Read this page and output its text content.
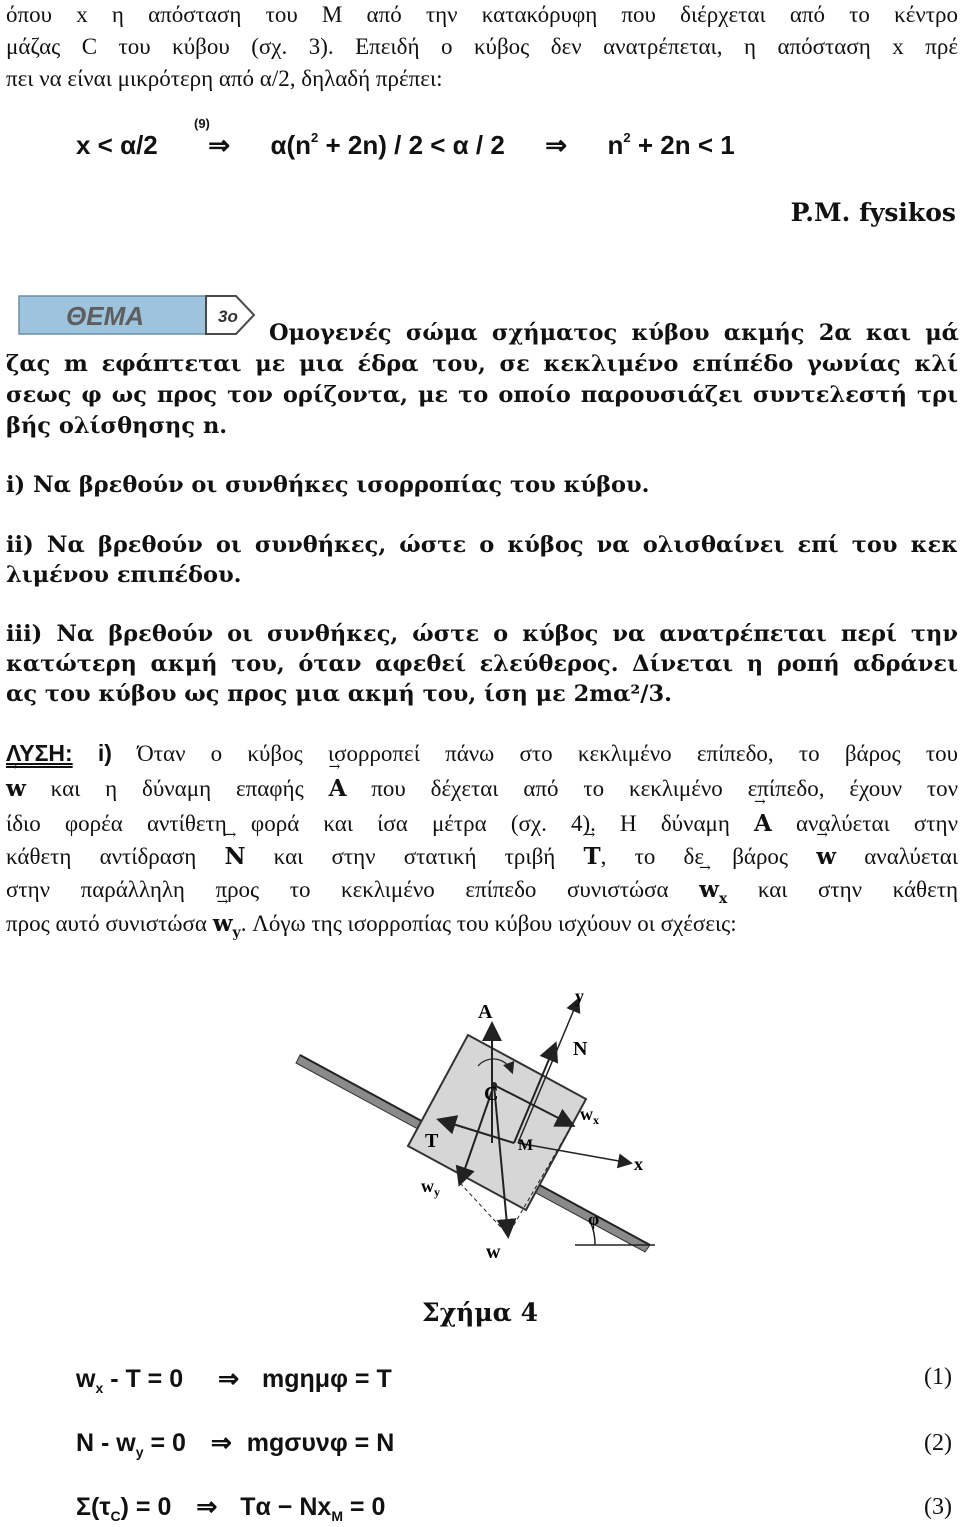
όπου x η απόσταση του Μ από την κατακόρυφη που διέρχεται από το κέντρο
μάζας C του κύβου (σχ. 3). Επειδή ο κύβος δεν ανατρέπεται, η απόσταση x πρέ
πει να είναι μικρότερη από α/2, δηλαδή πρέπει:
(9)
x < α/2 ⇒ $\alpha(n^2 + 2n) / 2 < \alpha / 2$ ⇒ $n^2 + 2n < 1$
P.M. fysikos
ΘΕΜΑ	3ο
Ομογενές σώμα σχήματος κύβου ακμής 2α και μά
ζας m εφάπτεται με μια έδρα του, σε κεκλιμένο επίπέδο γωνίας κλί
σεως φ ως προς τον ορίζοντα, με το οποίο παρουσιάζει συντελεστή τρι
βής ολίσθησης n.
i) Να βρεθούν οι συνθήκες ισορροπίας του κύβου.
ii) Να βρεθούν οι συνθήκες, ώστε ο κύβος να ολισθαίνει επί του κεκ
λιμένου επιπέδου.
iii) Να βρεθούν οι συνθήκες, ώστε ο κύβος να ανατρέπεται περί την
κατώτερη ακμή του, όταν αφεθεί ελεύθερος. Δίνεται η ροπή αδράνει
ας του κύβου ως προς μια ακμή του, ίση με 2mα²/3.
ΛΥΣΗ: i) Όταν ο κύβος ισορροπεί πάνω στο κεκλιμένο επίπεδο, το βάρος του
→ w και η δύναμη επαφής → A που δέχεται από το κεκλιμένο επίπεδο, έχουν τον
ίδιο φορέα αντίθετη φορά και ίσα μέτρα (σχ. 4). Η δύναμη → A αναλύεται στην
κάθετη αντίδραση → N και στην στατική τριβή → T, το δε βάρος → w αναλύεται
στην παράλληλη προς το κεκλιμένο επίπεδο $\sigma\upsilon\nu\iota\sigma\tau ώ\sigma\alpha \to w_x$ και στην κάθετη
προς αυτό $\sigma\upsilon\nu\iota\sigma\tau ώ\sigma\alpha \to w_y$. Λόγω της ισορροπίας του κύβου ισχύουν οι σχέσεις:
A
y
N
C
$w_x$
T	M
x
$w_y$
φ
w
Σχήμα 4
$w_x - T = 0$ ⇒ mgημφ = T	(1)
$N - w_y = 0$ ⇒ mgσυνφ = N	(2)
$\Sigma(\tau_C) = 0$ ⇒ $T\alpha - Nx_M = 0$	(3)
